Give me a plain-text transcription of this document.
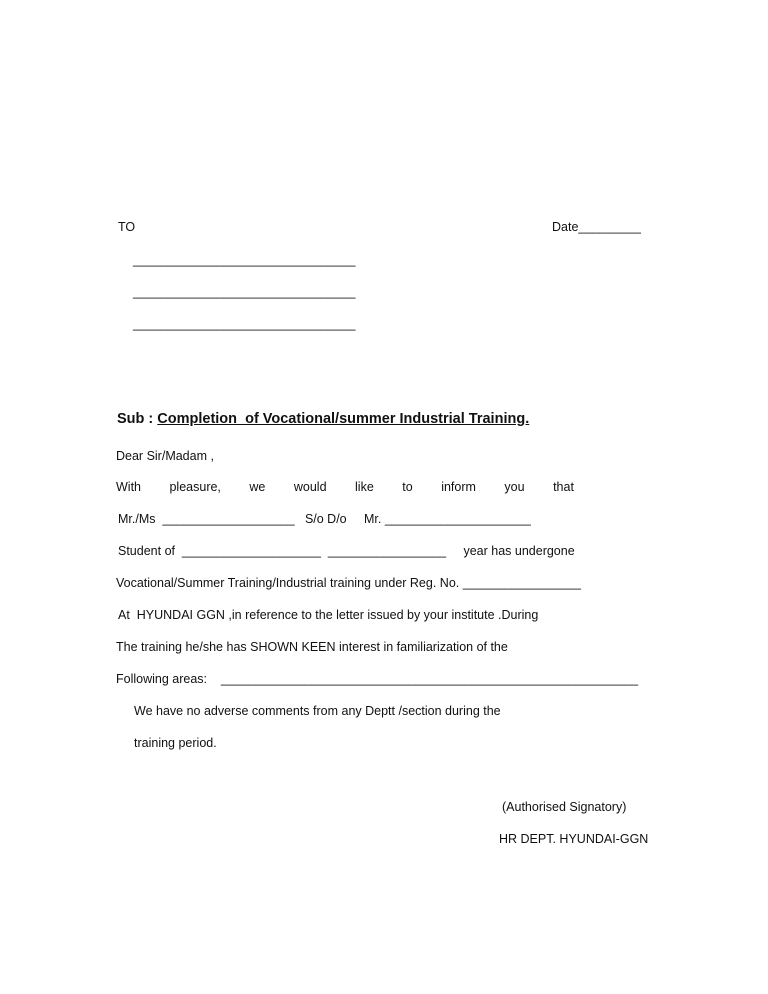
TO	Date_________
________________________________
________________________________
________________________________
Sub : Completion  of Vocational/summer Industrial Training.
Dear Sir/Madam ,
With pleasure, we would like to inform you that
Mr./Ms  ___________________   S/o D/o     Mr. _____________________
Student of  ____________________  _________________     year has undergone
Vocational/Summer Training/Industrial training under Reg. No. _________________
At  HYUNDAI GGN ,in reference to the letter issued by your institute .During
The training he/she has SHOWN KEEN interest in familiarization of the
Following areas:    ____________________________________________________________
We have no adverse comments from any Deptt /section during the
training period.
(Authorised Signatory)
HR DEPT. HYUNDAI-GGN
